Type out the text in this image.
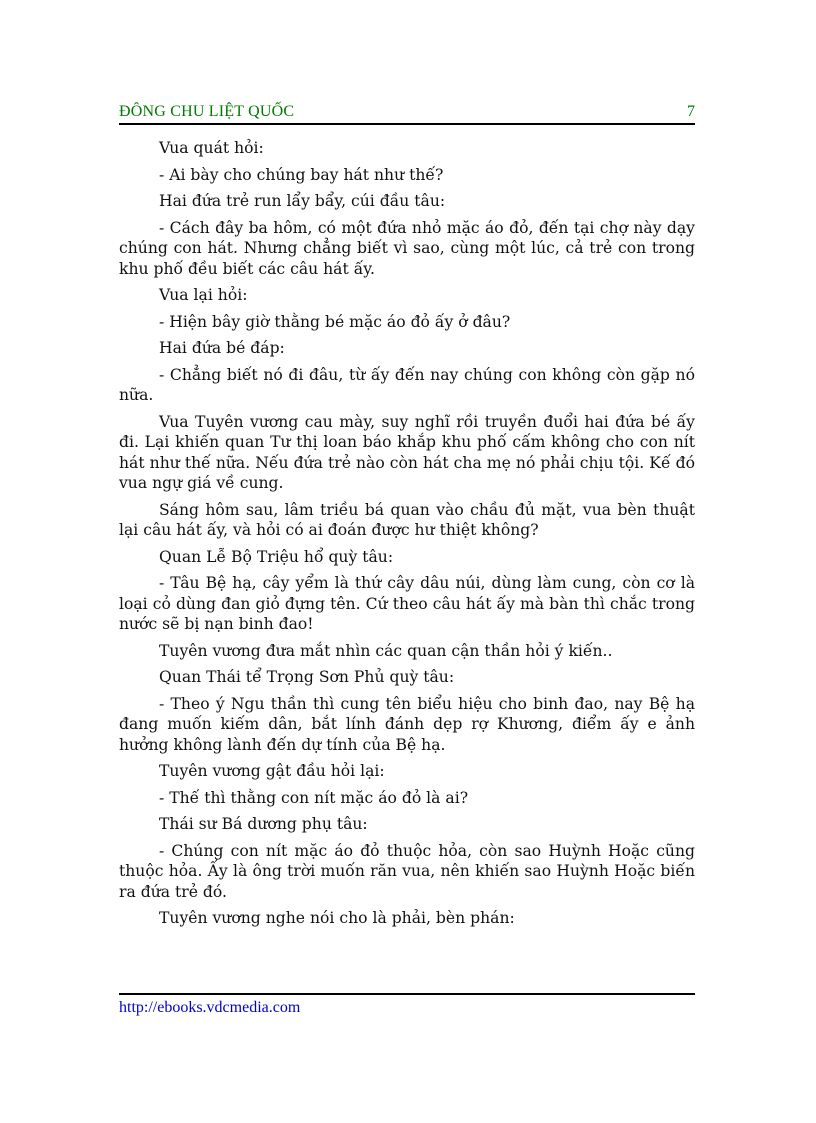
ĐÔNG CHU LIỆT QUỐC	7

Vua quát hỏi:

- Ai bày cho chúng bay hát như thế?

Hai đứa trẻ run lẩy bẩy, cúi đầu tâu:

- Cách đây ba hôm, có một đứa nhỏ mặc áo đỏ, đến tại chợ này dạy chúng con hát. Nhưng chẳng biết vì sao, cùng một lúc, cả trẻ con trong khu phố đều biết các câu hát ấy.

Vua lại hỏi:

- Hiện bây giờ thằng bé mặc áo đỏ ấy ở đâu?

Hai đứa bé đáp:

- Chẳng biết nó đi đâu, từ ấy đến nay chúng con không còn gặp nó nữa.

Vua Tuyên vương cau mày, suy nghĩ rồi truyền đuổi hai đứa bé ấy đi. Lại khiến quan Tư thị loan báo khắp khu phố cấm không cho con nít hát như thế nữa. Nếu đứa trẻ nào còn hát cha mẹ nó phải chịu tội. Kế đó vua ngự giá về cung.

Sáng hôm sau, lâm triều bá quan vào chầu đủ mặt, vua bèn thuật lại câu hát ấy, và hỏi có ai đoán được hư thiệt không?

Quan Lễ Bộ Triệu hổ quỳ tâu:

- Tâu Bệ hạ, cây yểm là thứ cây dâu núi, dùng làm cung, còn cơ là loại cỏ dùng đan giỏ đựng tên. Cứ theo câu hát ấy mà bàn thì chắc trong nước sẽ bị nạn binh đao!

Tuyên vương đưa mắt nhìn các quan cận thần hỏi ý kiến..

Quan Thái tể Trọng Sơn Phủ quỳ tâu:

- Theo ý Ngu thần thì cung tên biểu hiệu cho binh đao, nay Bệ hạ đang muốn kiếm dân, bắt lính đánh dẹp rợ Khương, điểm ấy e ảnh hưởng không lành đến dự tính của Bệ hạ.

Tuyên vương gật đầu hỏi lại:

- Thế thì thằng con nít mặc áo đỏ là ai?

Thái sư Bá dương phụ tâu:

- Chúng con nít mặc áo đỏ thuộc hỏa, còn sao Huỳnh Hoặc cũng thuộc hỏa. Ấy là ông trời muốn răn vua, nên khiến sao Huỳnh Hoặc biến ra đứa trẻ đó.

Tuyên vương nghe nói cho là phải, bèn phán:

http://ebooks.vdcmedia.com
